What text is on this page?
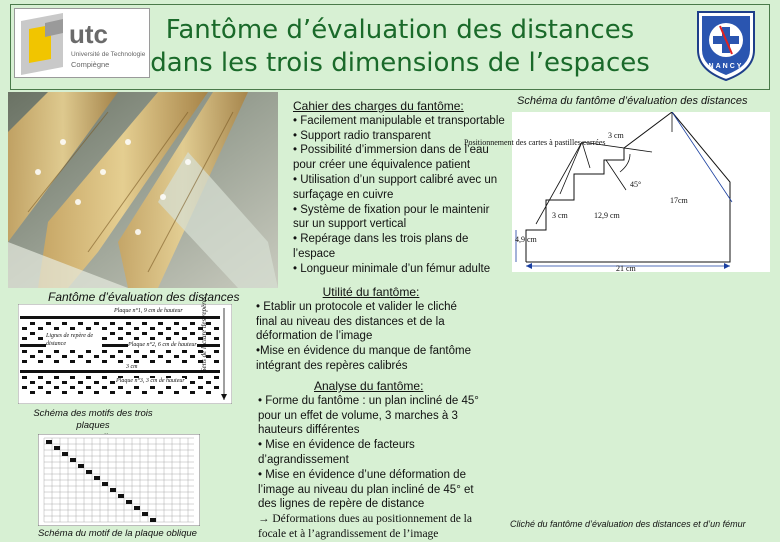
utc
Université de Technologie
Compiègne
Fantôme d’évaluation des distances
dans les trois dimensions de l’espaces	NANCY
Cahier des charges du fantôme:
• Facilement manipulable et transportable
• Support radio transparent
• Possibilité d’immersion dans de l’eau
pour créer une équivalence patient
• Utilisation d’un support calibré avec un
surfaçage en cuivre
• Système de fixation pour le maintenir
sur un support vertical
• Repérage dans les trois plans de
l’espace
• Longueur minimale d’un fémur adulte
Schéma du fantôme d’évaluation des distances
Positionnement des cartes à pastilles carrées
3 cm
45°
17cm
3 cm	12,9 cm
4,9 cm
21 cm
Fantôme d’évaluation des distances
Plaque n°1, 9 cm de hauteur
Plaque n°2, 6 cm de hauteur
Plaque n°3, 3 cm de hauteur
Lignes de repère de distance
3 cm	Sens de lecture des repères
Schéma des motifs des trois plaques
Schéma du motif de la plaque oblique
Utilité du fantôme:
• Etablir un protocole et valider le cliché
final au niveau des distances et de la
déformation de l’image
•Mise en évidence du manque de fantôme
intégrant des repères calibrés
Analyse du fantôme:
• Forme du fantôme : un plan incliné de 45°
pour un effet de volume, 3 marches à 3
hauteurs différentes
• Mise en évidence de facteurs
d’agrandissement
• Mise en évidence d’une déformation de
l’image au niveau du plan incliné de 45° et
des lignes de repère de distance
→ Déformations dues au positionnement de la
focale et à l’agrandissement de l’image
Cliché du fantôme d’évaluation des distances et d’un fémur
